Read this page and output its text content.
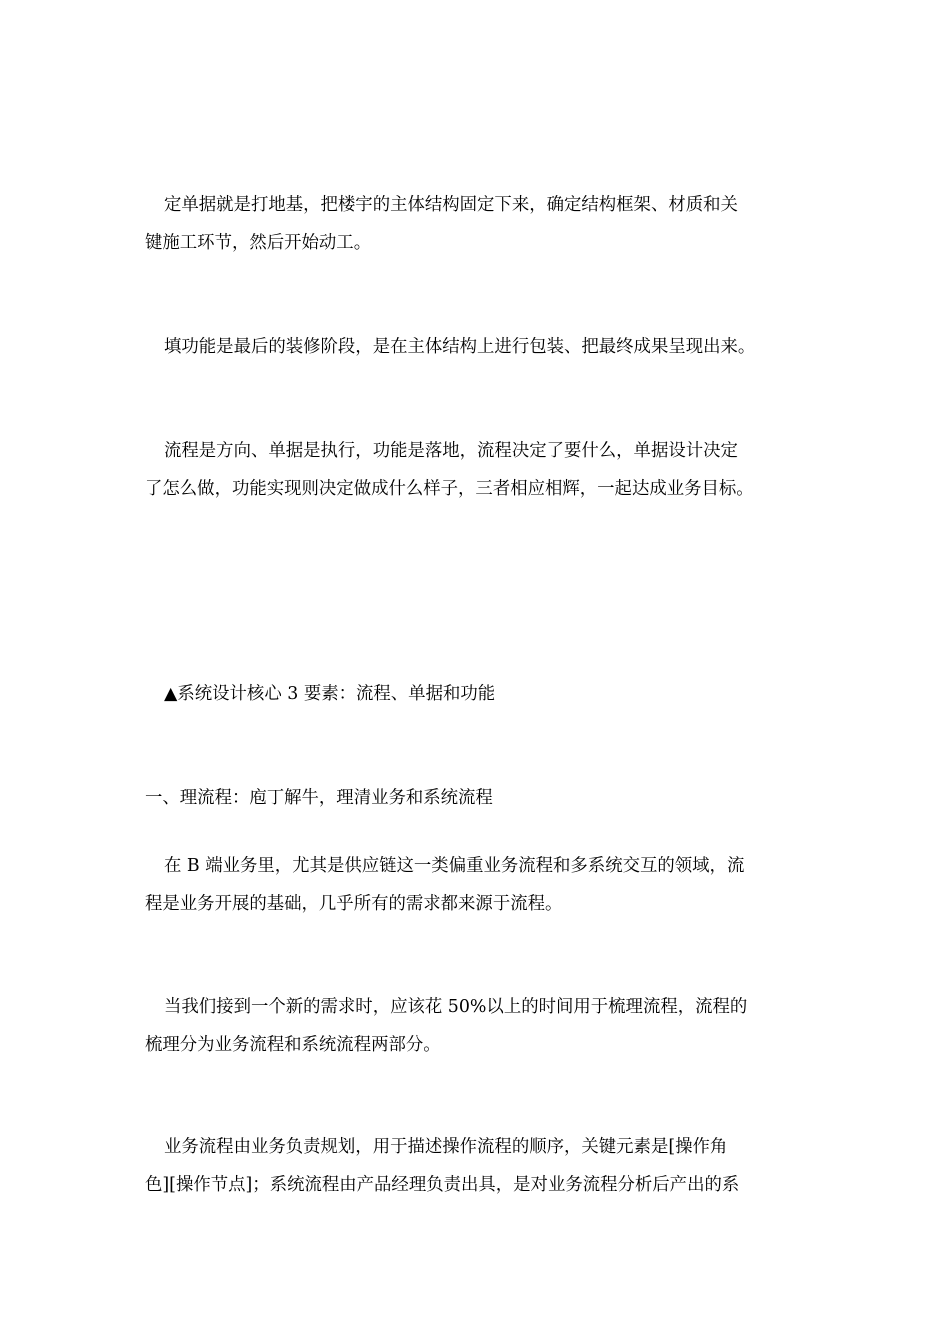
定单据就是打地基，把楼宇的主体结构固定下来，确定结构框架、材质和关
键施工环节，然后开始动工。
填功能是最后的装修阶段，是在主体结构上进行包装、把最终成果呈现出来。
流程是方向、单据是执行，功能是落地，流程决定了要什么，单据设计决定
了怎么做，功能实现则决定做成什么样子，三者相应相辉，一起达成业务目标。
▲系统设计核心 3 要素：流程、单据和功能
一、理流程：庖丁解牛，理清业务和系统流程
在 B 端业务里，尤其是供应链这一类偏重业务流程和多系统交互的领域，流
程是业务开展的基础，几乎所有的需求都来源于流程。
当我们接到一个新的需求时，应该花 50%以上的时间用于梳理流程，流程的
梳理分为业务流程和系统流程两部分。
业务流程由业务负责规划，用于描述操作流程的顺序，关键元素是[操作角
色][操作节点]；系统流程由产品经理负责出具，是对业务流程分析后产出的系
